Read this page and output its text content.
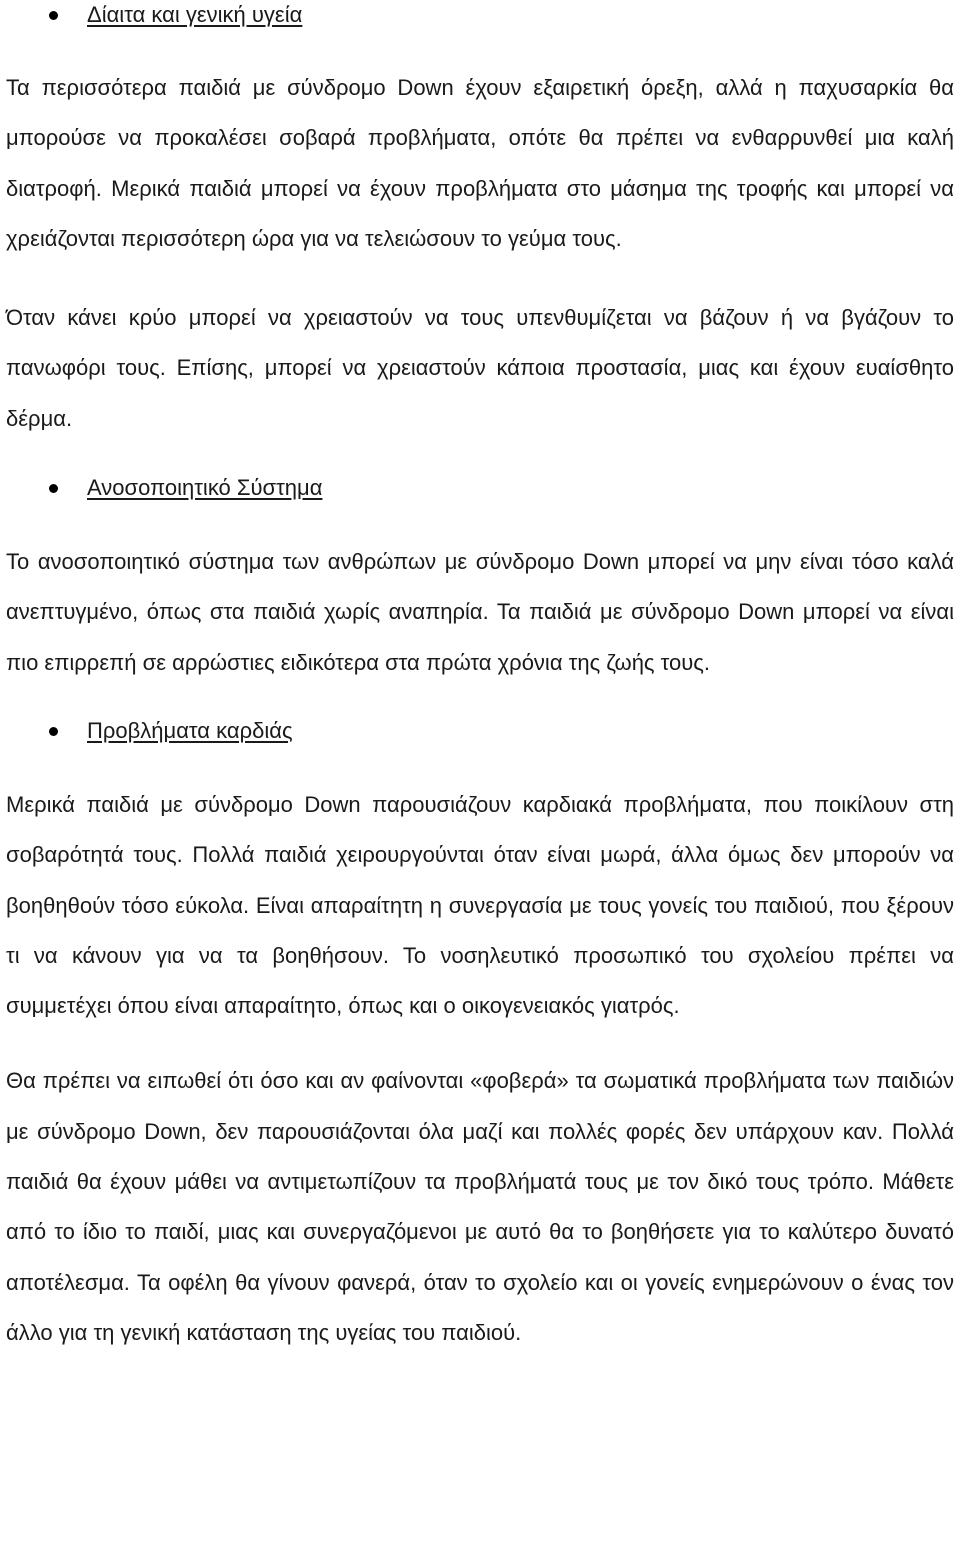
Δίαιτα και γενική υγεία

Τα περισσότερα παιδιά με σύνδρομο Down έχουν εξαιρετική όρεξη, αλλά η παχυσαρκία θα μπορούσε να προκαλέσει σοβαρά προβλήματα, οπότε θα πρέπει να ενθαρρυνθεί μια καλή διατροφή. Μερικά παιδιά μπορεί να έχουν προβλήματα στο μάσημα της τροφής και μπορεί να χρειάζονται περισσότερη ώρα για να τελειώσουν το γεύμα τους.

Όταν κάνει κρύο μπορεί να χρειαστούν να τους υπενθυμίζεται να βάζουν ή να βγάζουν το πανωφόρι τους. Επίσης, μπορεί να χρειαστούν κάποια προστασία, μιας και έχουν ευαίσθητο δέρμα.

Ανοσοποιητικό Σύστημα

Το ανοσοποιητικό σύστημα των ανθρώπων με σύνδρομο Down μπορεί να μην είναι τόσο καλά ανεπτυγμένο, όπως στα παιδιά χωρίς αναπηρία. Τα παιδιά με σύνδρομο Down μπορεί να είναι πιο επιρρεπή σε αρρώστιες ειδικότερα στα πρώτα χρόνια της ζωής τους.

Προβλήματα καρδιάς

Μερικά παιδιά με σύνδρομο Down παρουσιάζουν καρδιακά προβλήματα, που ποικίλουν στη σοβαρότητά τους. Πολλά παιδιά χειρουργούνται όταν είναι μωρά, άλλα όμως δεν μπορούν να βοηθηθούν τόσο εύκολα. Είναι απαραίτητη η συνεργασία με τους γονείς του παιδιού, που ξέρουν τι να κάνουν για να τα βοηθήσουν. Το νοσηλευτικό προσωπικό του σχολείου πρέπει να συμμετέχει όπου είναι απαραίτητο, όπως και ο οικογενειακός γιατρός.

Θα πρέπει να ειπωθεί ότι όσο και αν φαίνονται «φοβερά» τα σωματικά προβλήματα των παιδιών με σύνδρομο Down, δεν παρουσιάζονται όλα μαζί και πολλές φορές δεν υπάρχουν καν. Πολλά παιδιά θα έχουν μάθει να αντιμετωπίζουν τα προβλήματά τους με τον δικό τους τρόπο. Μάθετε από το ίδιο το παιδί, μιας και συνεργαζόμενοι με αυτό θα το βοηθήσετε για το καλύτερο δυνατό αποτέλεσμα. Τα οφέλη θα γίνουν φανερά, όταν το σχολείο και οι γονείς ενημερώνουν ο ένας τον άλλο για τη γενική κατάσταση της υγείας του παιδιού.
